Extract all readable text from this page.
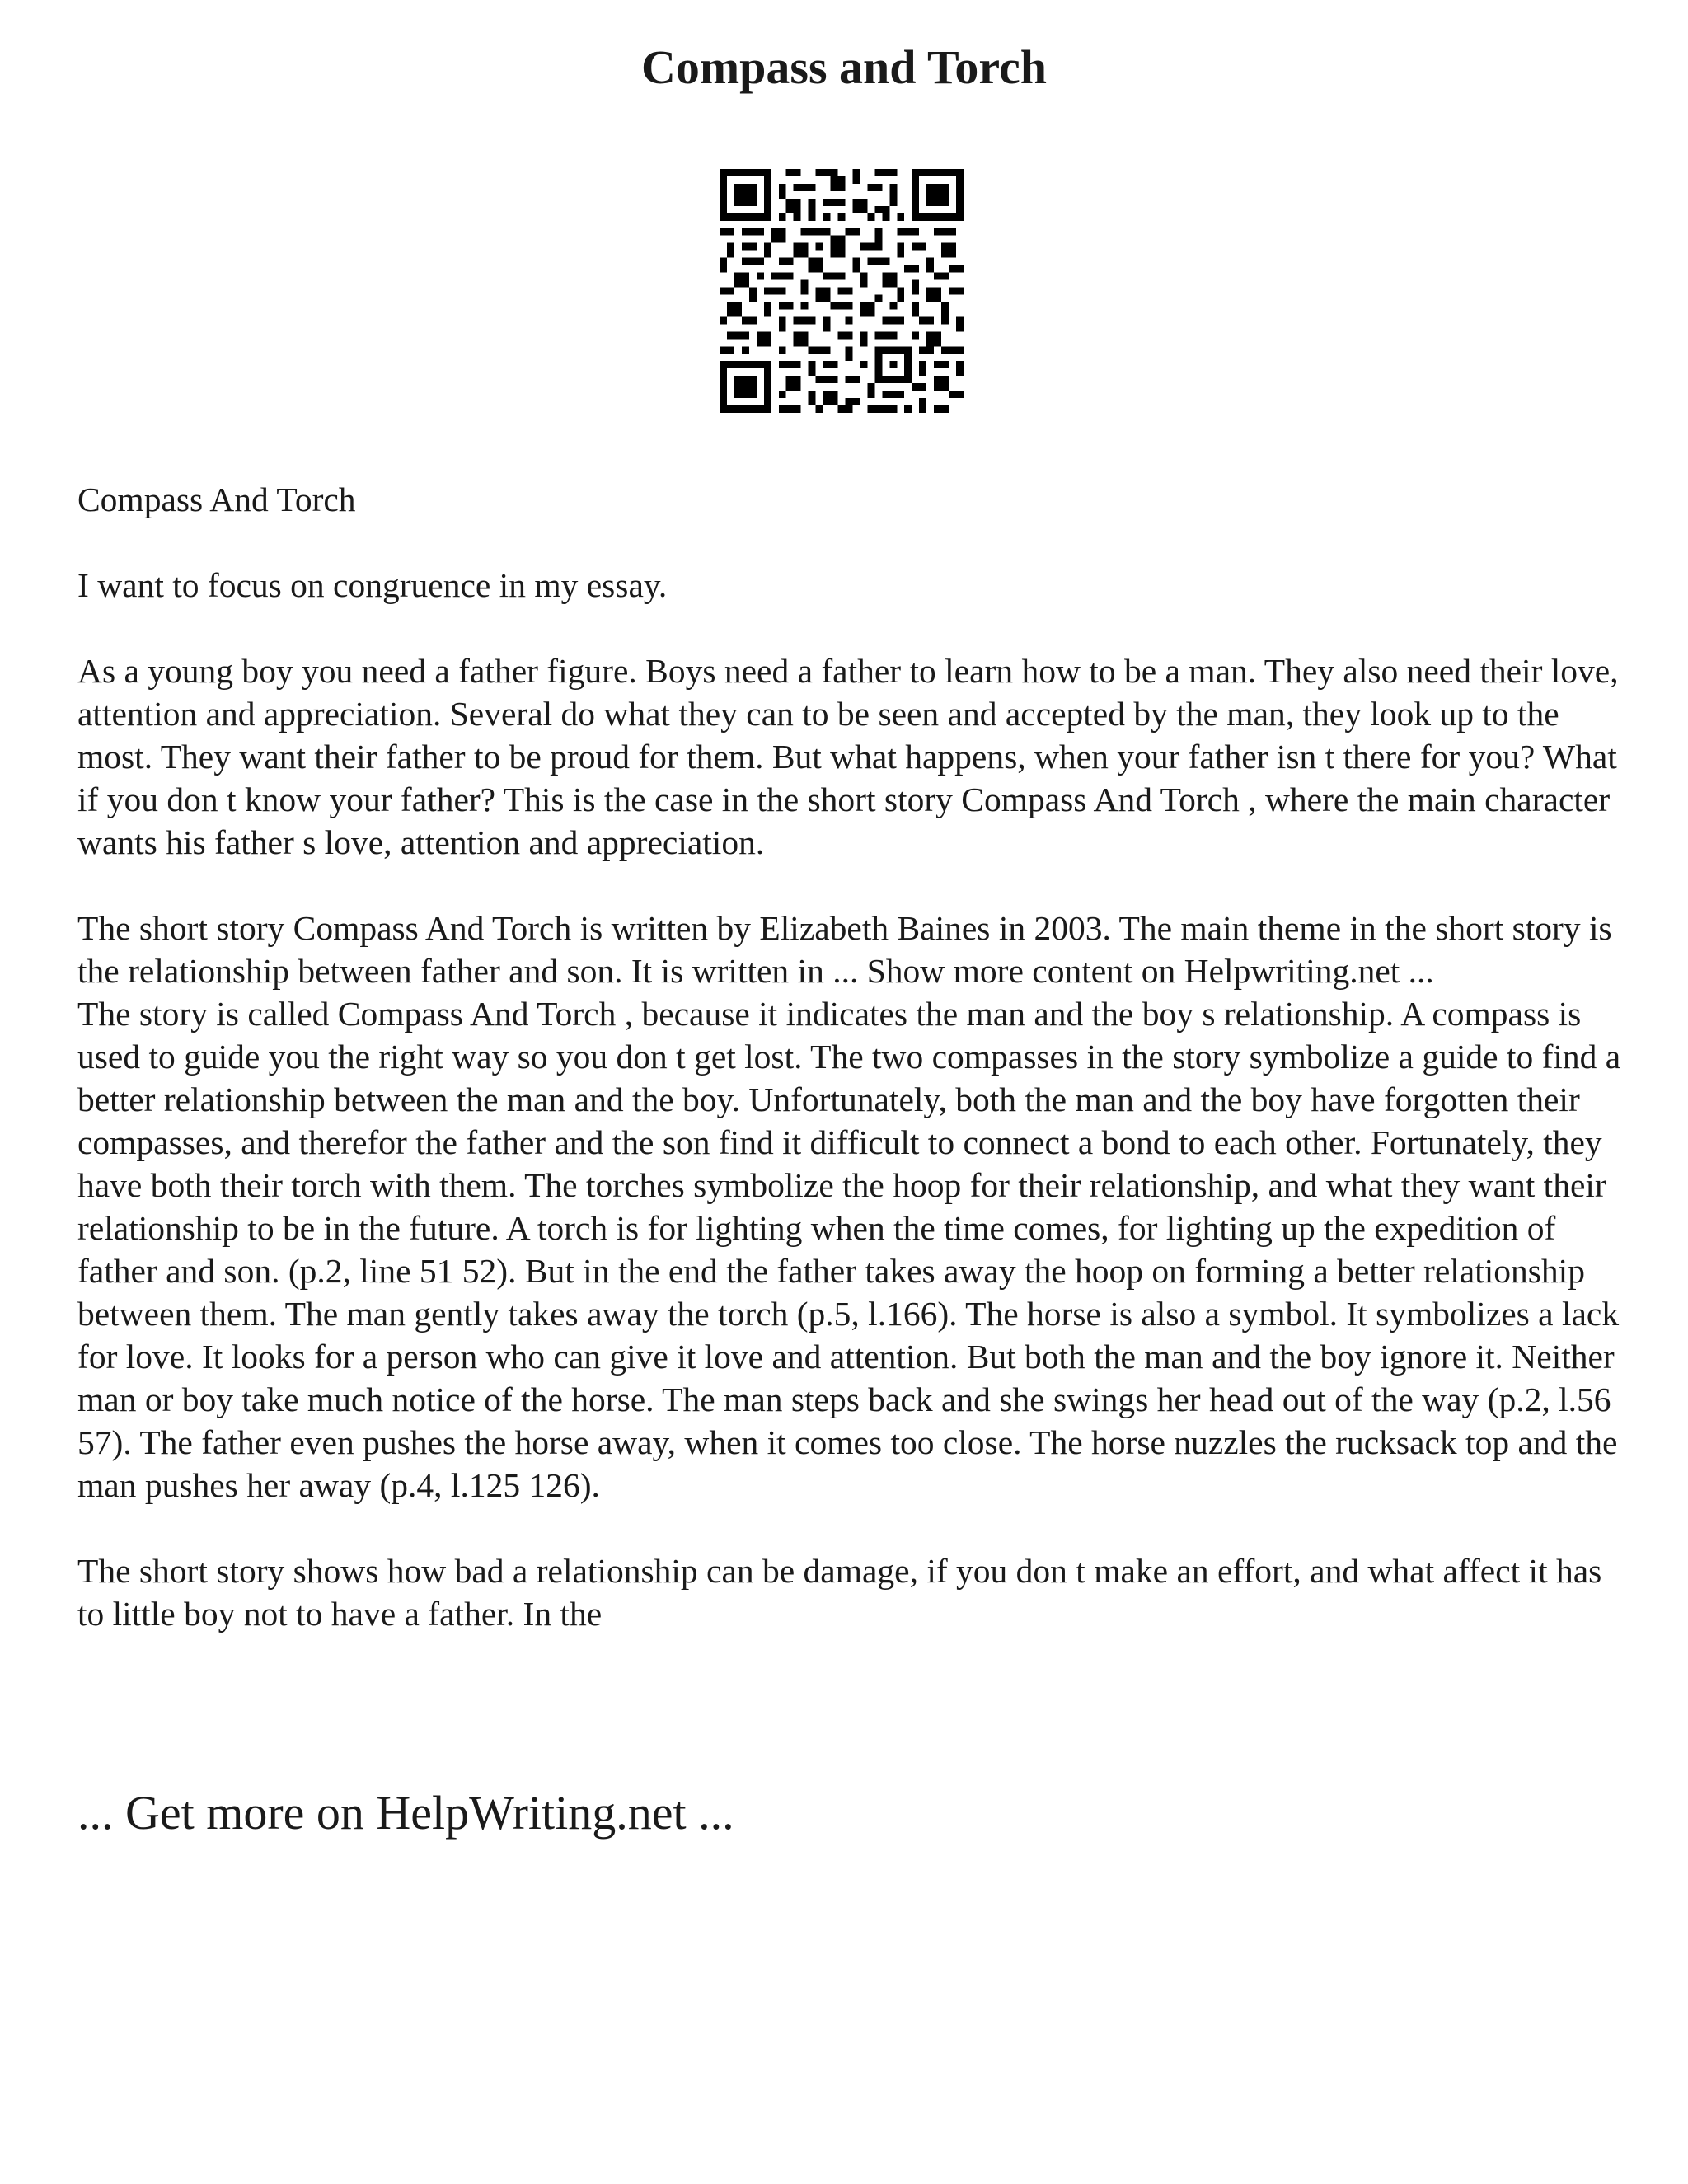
Compass and Torch

Compass And Torch

I want to focus on congruence in my essay.

As a young boy you need a father figure. Boys need a father to learn how to be a man. They also need their love, attention and appreciation. Several do what they can to be seen and accepted by the man, they look up to the most. They want their father to be proud for them. But what happens, when your father isn t there for you? What if you don t know your father? This is the case in the short story Compass And Torch , where the main character wants his father s love, attention and appreciation.

The short story Compass And Torch is written by Elizabeth Baines in 2003. The main theme in the short story is the relationship between father and son. It is written in ... Show more content on Helpwriting.net ...

The story is called Compass And Torch , because it indicates the man and the boy s relationship. A compass is used to guide you the right way so you don t get lost. The two compasses in the story symbolize a guide to find a better relationship between the man and the boy. Unfortunately, both the man and the boy have forgotten their compasses, and therefor the father and the son find it difficult to connect a bond to each other. Fortunately, they have both their torch with them. The torches symbolize the hoop for their relationship, and what they want their relationship to be in the future. A torch is for lighting when the time comes, for lighting up the expedition of father and son. (p.2, line 51 52). But in the end the father takes away the hoop on forming a better relationship between them. The man gently takes away the torch (p.5, l.166). The horse is also a symbol. It symbolizes a lack for love. It looks for a person who can give it love and attention. But both the man and the boy ignore it. Neither man or boy take much notice of the horse. The man steps back and she swings her head out of the way (p.2, l.56 57). The father even pushes the horse away, when it comes too close. The horse nuzzles the rucksack top and the man pushes her away (p.4, l.125 126).

The short story shows how bad a relationship can be damage, if you don t make an effort, and what affect it has to little boy not to have a father. In the

... Get more on HelpWriting.net ...
